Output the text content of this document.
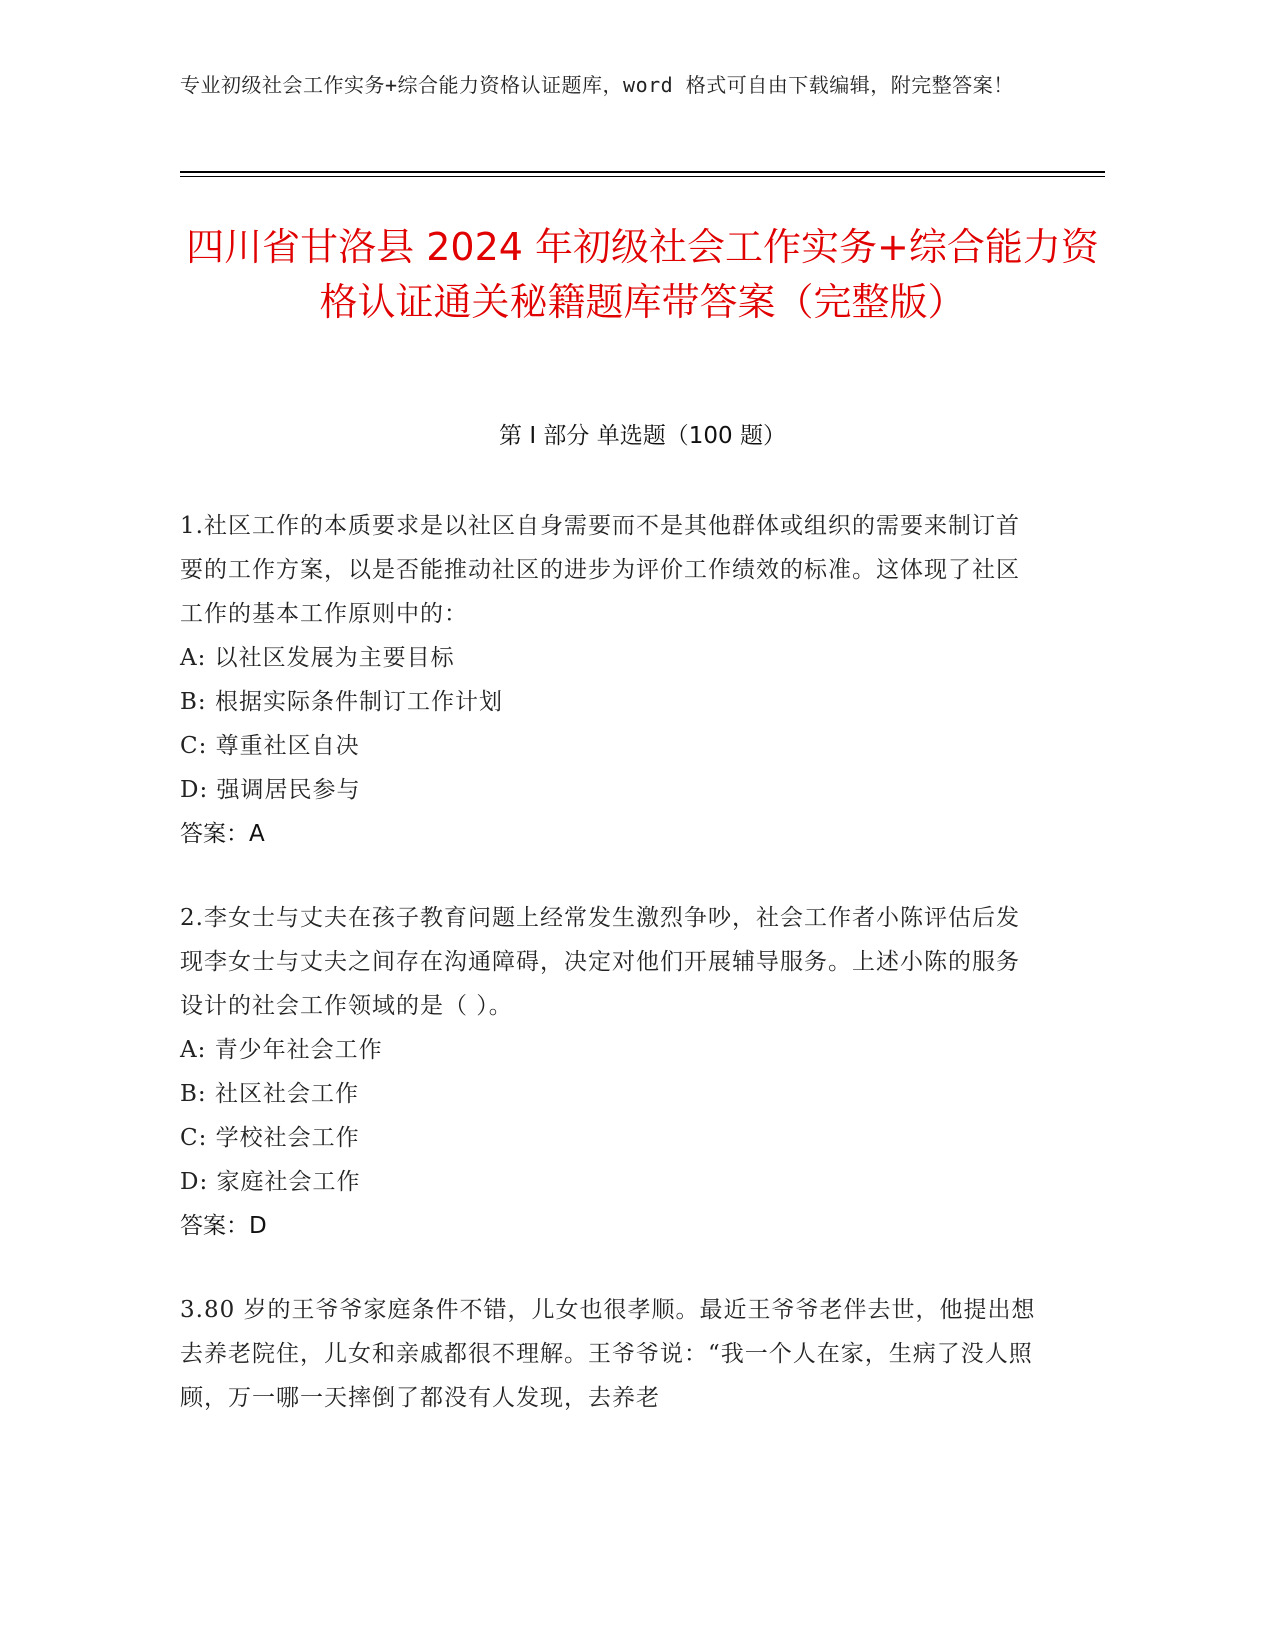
专业初级社会工作实务+综合能力资格认证题库，word 格式可自由下载编辑，附完整答案！
四川省甘洛县 2024 年初级社会工作实务+综合能力资格认证通关秘籍题库带答案（完整版）
第 I 部分 单选题（100 题）
1.社区工作的本质要求是以社区自身需要而不是其他群体或组织的需要来制订首要的工作方案，以是否能推动社区的进步为评价工作绩效的标准。这体现了社区工作的基本工作原则中的：
A: 以社区发展为主要目标
B: 根据实际条件制订工作计划
C: 尊重社区自决
D: 强调居民参与
答案：A
2.李女士与丈夫在孩子教育问题上经常发生激烈争吵，社会工作者小陈评估后发现李女士与丈夫之间存在沟通障碍，决定对他们开展辅导服务。上述小陈的服务设计的社会工作领域的是（ ）。
A: 青少年社会工作
B: 社区社会工作
C: 学校社会工作
D: 家庭社会工作
答案：D
3.80 岁的王爷爷家庭条件不错，儿女也很孝顺。最近王爷爷老伴去世，他提出想去养老院住，儿女和亲戚都很不理解。王爷爷说：“我一个人在家，生病了没人照顾，万一哪一天摔倒了都没有人发现，去养老
